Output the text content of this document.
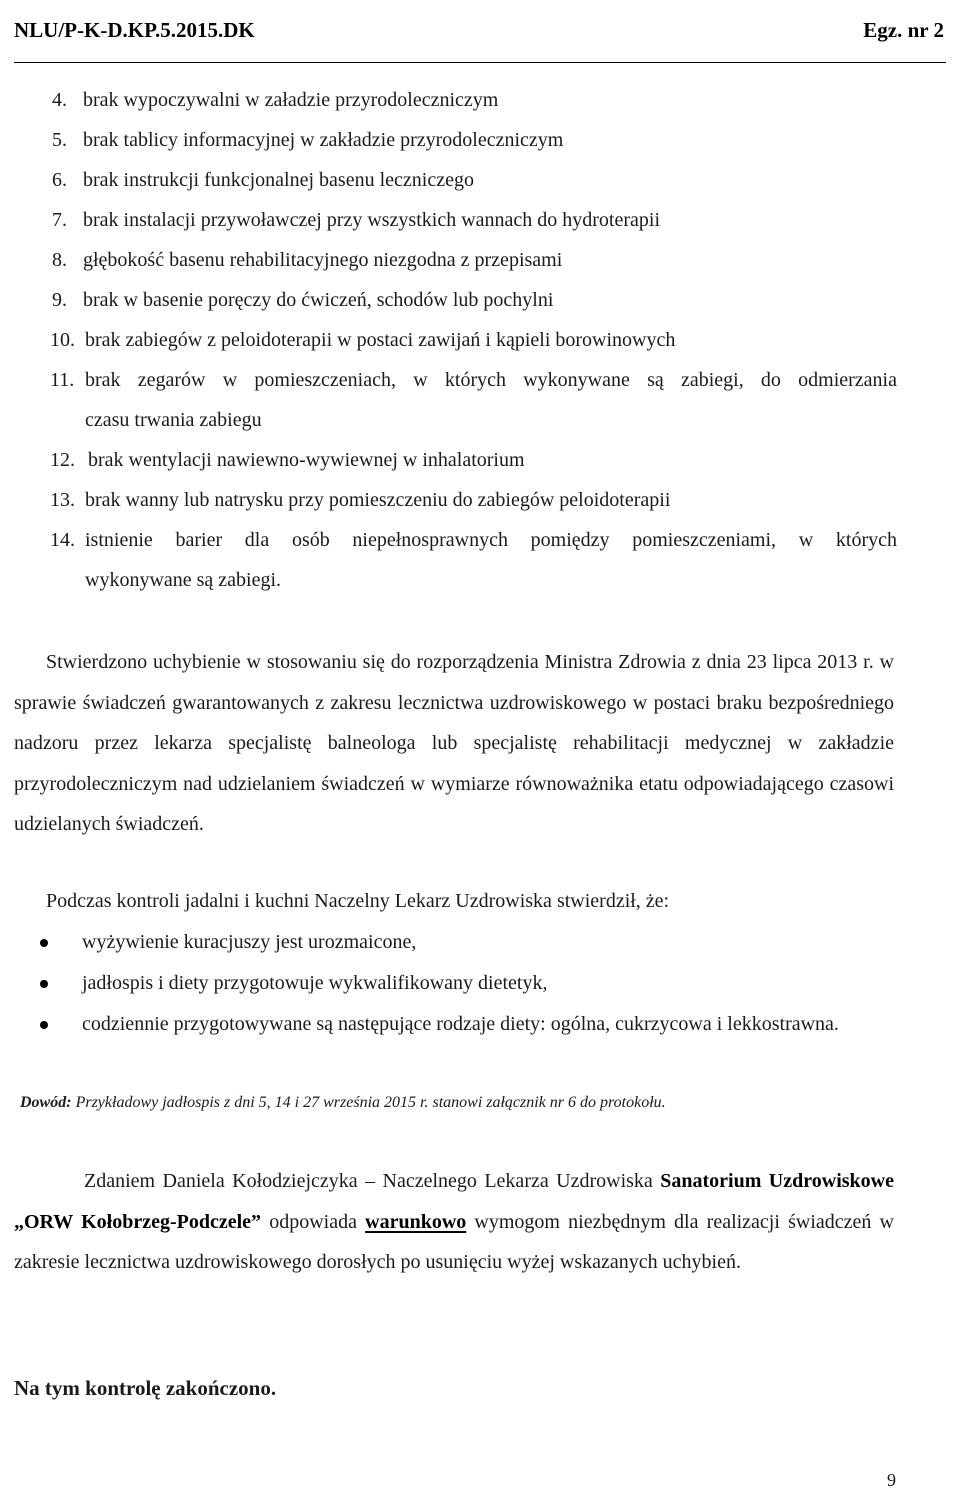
NLU/P-K-D.KP.5.2015.DK	Egz. nr 2
4. brak wypoczywalni w załadzie przyrodoleczniczym
5. brak tablicy informacyjnej w zakładzie przyrodoleczniczym
6. brak instrukcji funkcjonalnej basenu leczniczego
7. brak instalacji przywoławczej przy wszystkich wannach do hydroterapii
8. głębokość basenu rehabilitacyjnego niezgodna z przepisami
9. brak w basenie poręczy do ćwiczeń, schodów lub pochylni
10. brak zabiegów z peloidoterapii w postaci zawijań i kąpieli borowinowych
11. brak zegarów w pomieszczeniach, w których wykonywane są zabiegi, do odmierzania
czasu trwania zabiegu
12. brak wentylacji nawiewno-wywiewnej w inhalatorium
13. brak wanny lub natrysku przy pomieszczeniu do zabiegów peloidoterapii
14. istnienie barier dla osób niepełnosprawnych pomiędzy pomieszczeniami, w których
wykonywane są zabiegi.
Stwierdzono uchybienie w stosowaniu się do rozporządzenia Ministra Zdrowia z dnia 23 lipca 2013 r. w sprawie świadczeń gwarantowanych z zakresu lecznictwa uzdrowiskowego w postaci braku bezpośredniego nadzoru przez lekarza specjalistę balneologa lub specjalistę rehabilitacji medycznej w zakładzie przyrodoleczniczym nad udzielaniem świadczeń w wymiarze równoważnika etatu odpowiadającego czasowi udzielanych świadczeń.
Podczas kontroli jadalni i kuchni Naczelny Lekarz Uzdrowiska stwierdził, że:
wyżywienie kuracjuszy jest urozmaicone,
jadłospis i diety przygotowuje wykwalifikowany dietetyk,
codziennie przygotowywane są następujące rodzaje diety: ogólna, cukrzycowa i lekkostrawna.
Dowód: Przykładowy jadłospis z dni 5, 14 i 27 września 2015 r. stanowi załącznik nr 6 do protokołu.
Zdaniem Daniela Kołodziejczyka – Naczelnego Lekarza Uzdrowiska Sanatorium Uzdrowiskowe „ORW Kołobrzeg-Podczele” odpowiada warunkowo wymogom niezbędnym dla realizacji świadczeń w zakresie lecznictwa uzdrowiskowego dorosłych po usunięciu wyżej wskazanych uchybień.
Na tym kontrolę zakończono.
9
